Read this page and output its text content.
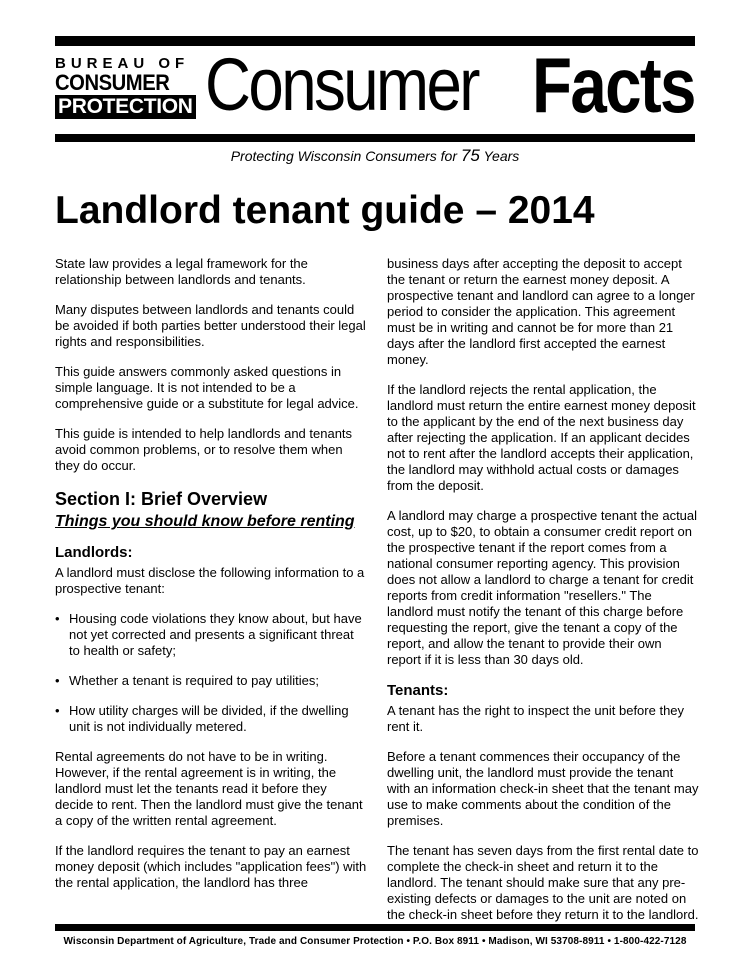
BUREAU OF
CONSUMER
PROTECTION Consumer Facts
Protecting Wisconsin Consumers for 75 Years
Landlord tenant guide – 2014

State law provides a legal framework for the relationship between landlords and tenants.

Many disputes between landlords and tenants could be avoided if both parties better understood their legal rights and responsibilities.

This guide answers commonly asked questions in simple language. It is not intended to be a comprehensive guide or a substitute for legal advice.

This guide is intended to help landlords and tenants avoid common problems, or to resolve them when they do occur.

Section I: Brief Overview
Things you should know before renting
Landlords:

A landlord must disclose the following information to a prospective tenant:

• Housing code violations they know about, but have not yet corrected and presents a significant threat to health or safety;
• Whether a tenant is required to pay utilities;
• How utility charges will be divided, if the dwelling unit is not individually metered.

Rental agreements do not have to be in writing. However, if the rental agreement is in writing, the landlord must let the tenants read it before they decide to rent. Then the landlord must give the tenant a copy of the written rental agreement.

If the landlord requires the tenant to pay an earnest money deposit (which includes "application fees") with the rental application, the landlord has three

business days after accepting the deposit to accept the tenant or return the earnest money deposit. A prospective tenant and landlord can agree to a longer period to consider the application. This agreement must be in writing and cannot be for more than 21 days after the landlord first accepted the earnest money.

If the landlord rejects the rental application, the landlord must return the entire earnest money deposit to the applicant by the end of the next business day after rejecting the application. If an applicant decides not to rent after the landlord accepts their application, the landlord may withhold actual costs or damages from the deposit.

A landlord may charge a prospective tenant the actual cost, up to $20, to obtain a consumer credit report on the prospective tenant if the report comes from a national consumer reporting agency. This provision does not allow a landlord to charge a tenant for credit reports from credit information "resellers." The landlord must notify the tenant of this charge before requesting the report, give the tenant a copy of the report, and allow the tenant to provide their own report if it is less than 30 days old.

Tenants:

A tenant has the right to inspect the unit before they rent it.

Before a tenant commences their occupancy of the dwelling unit, the landlord must provide the tenant with an information check-in sheet that the tenant may use to make comments about the condition of the premises.

The tenant has seven days from the first rental date to complete the check-in sheet and return it to the landlord. The tenant should make sure that any pre-existing defects or damages to the unit are noted on the check-in sheet before they return it to the landlord.

Wisconsin Department of Agriculture, Trade and Consumer Protection • P.O. Box 8911 • Madison, WI 53708-8911 • 1-800-422-7128
